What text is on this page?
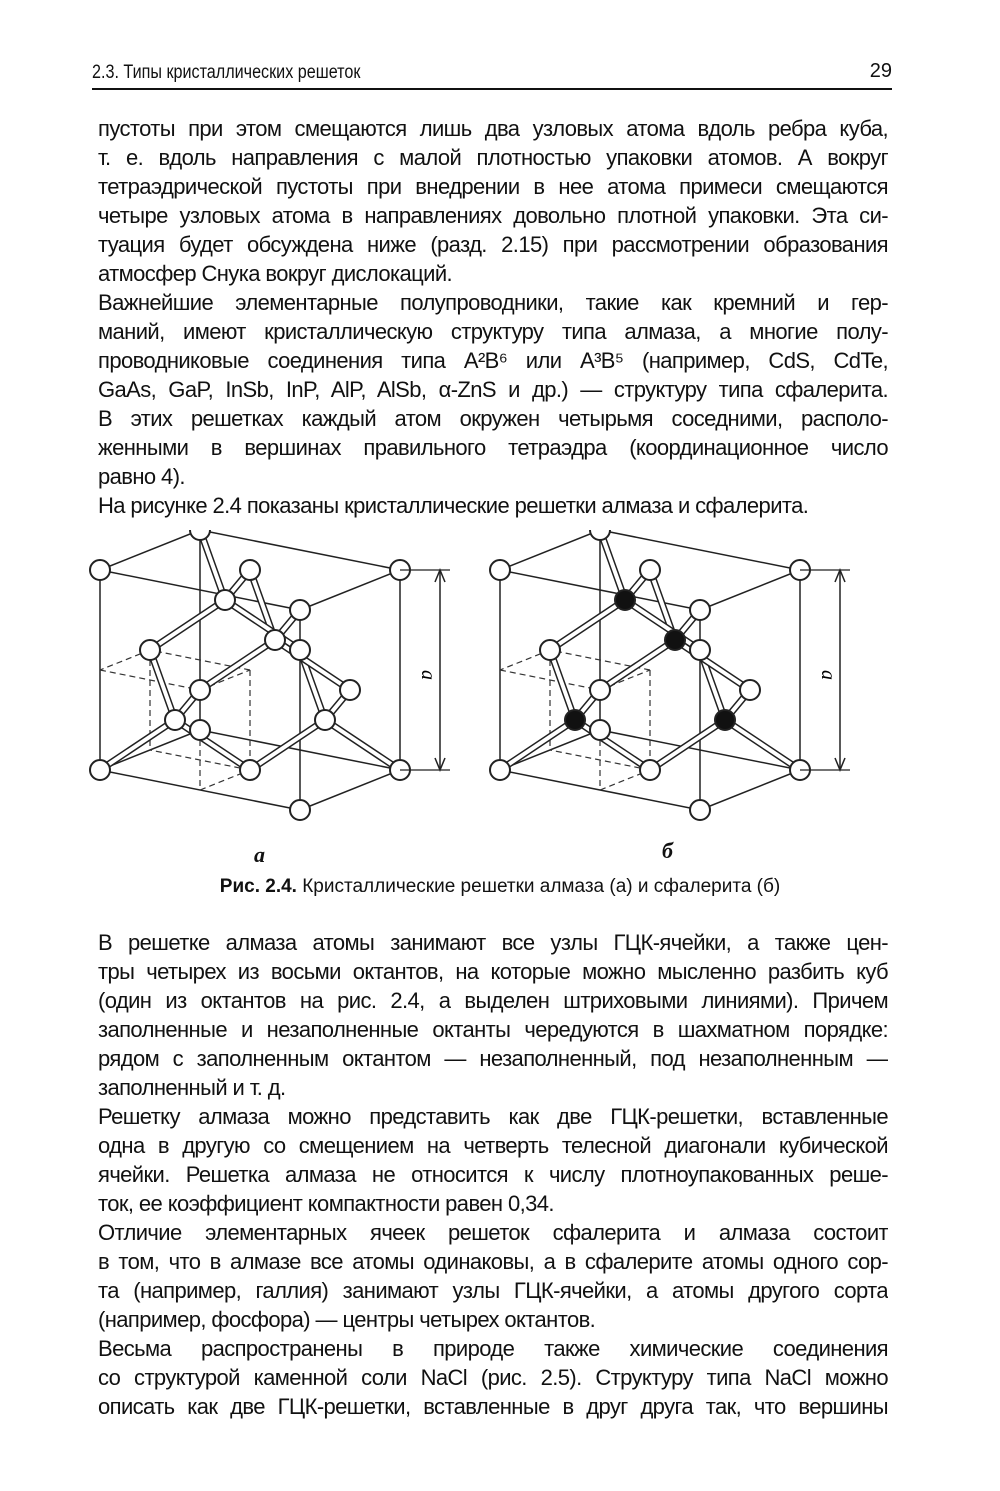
2.3. Типы кристаллических решеток	29
пустоты при этом смещаются лишь два узловых атома вдоль ребра куба,
т. е. вдоль направления с малой плотностью упаковки атомов. А вокруг
тетраэдрической пустоты при внедрении в нее атома примеси смещаются
четыре узловых атома в направлениях довольно плотной упаковки. Эта си-
туация будет обсуждена ниже (разд. 2.15) при рассмотрении образования
атмосфер Снука вокруг дислокаций.
Важнейшие элементарные полупроводники, такие как кремний и гер-
маний, имеют кристаллическую структуру типа алмаза, а многие полу-
проводниковые соединения типа A²B⁶ или A³B⁵ (например, CdS, CdTe,
GaAs, GaP, InSb, InP, AlP, AlSb, α-ZnS и др.) — структуру типа сфалерита.
В этих решетках каждый атом окружен четырьмя соседними, располо-
женными в вершинах правильного тетраэдра (координационное число
равно 4).
На рисунке 2.4 показаны кристаллические решетки алмаза и сфалерита.
a	a
а	б
Рис. 2.4. Кристаллические решетки алмаза (а) и сфалерита (б)
В решетке алмаза атомы занимают все узлы ГЦК-ячейки, а также цен-
тры четырех из восьми октантов, на которые можно мысленно разбить куб
(один из октантов на рис. 2.4, а выделен штриховыми линиями). Причем
заполненные и незаполненные октанты чередуются в шахматном порядке:
рядом с заполненным октантом — незаполненный, под незаполненным —
заполненный и т. д.
Решетку алмаза можно представить как две ГЦК-решетки, вставленные
одна в другую со смещением на четверть телесной диагонали кубической
ячейки. Решетка алмаза не относится к числу плотноупакованных реше-
ток, ее коэффициент компактности равен 0,34.
Отличие элементарных ячеек решеток сфалерита и алмаза состоит
в том, что в алмазе все атомы одинаковы, а в сфалерите атомы одного сор-
та (например, галлия) занимают узлы ГЦК-ячейки, а атомы другого сорта
(например, фосфора) — центры четырех октантов.
Весьма распространены в природе также химические соединения
со структурой каменной соли NaCl (рис. 2.5). Структуру типа NaCl можно
описать как две ГЦК-решетки, вставленные в друг друга так, что вершины
